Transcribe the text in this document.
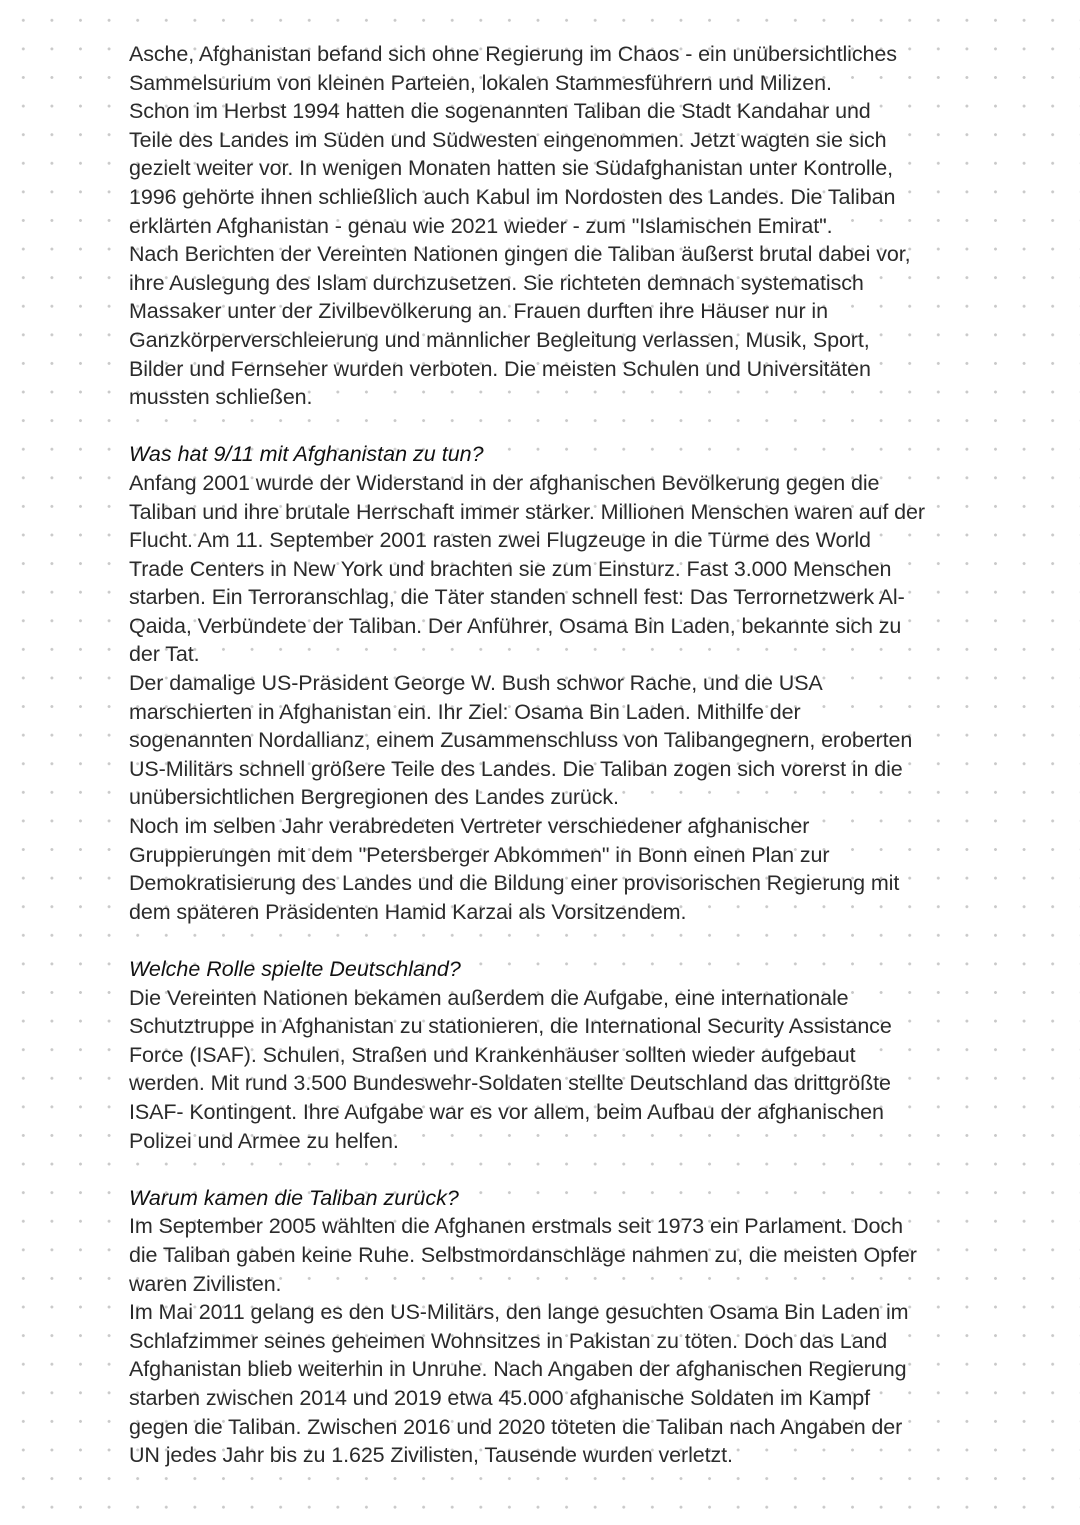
Asche, Afghanistan befand sich ohne Regierung im Chaos - ein unübersichtliches
Sammelsurium von kleinen Parteien, lokalen Stammesführern und Milizen.
Schon im Herbst 1994 hatten die sogenannten Taliban die Stadt Kandahar und
Teile des Landes im Süden und Südwesten eingenommen. Jetzt wagten sie sich
gezielt weiter vor. In wenigen Monaten hatten sie Südafghanistan unter Kontrolle,
1996 gehörte ihnen schließlich auch Kabul im Nordosten des Landes. Die Taliban
erklärten Afghanistan - genau wie 2021 wieder - zum "Islamischen Emirat".
Nach Berichten der Vereinten Nationen gingen die Taliban äußerst brutal dabei vor,
ihre Auslegung des Islam durchzusetzen. Sie richteten demnach systematisch
Massaker unter der Zivilbevölkerung an. Frauen durften ihre Häuser nur in
Ganzkörperverschleierung und männlicher Begleitung verlassen, Musik, Sport,
Bilder und Fernseher wurden verboten. Die meisten Schulen und Universitäten
mussten schließen.
Was hat 9/11 mit Afghanistan zu tun?
Anfang 2001 wurde der Widerstand in der afghanischen Bevölkerung gegen die
Taliban und ihre brutale Herrschaft immer stärker. Millionen Menschen waren auf der
Flucht. Am 11. September 2001 rasten zwei Flugzeuge in die Türme des World
Trade Centers in New York und brachten sie zum Einsturz. Fast 3.000 Menschen
starben. Ein Terroranschlag, die Täter standen schnell fest: Das Terrornetzwerk Al-
Qaida, Verbündete der Taliban. Der Anführer, Osama Bin Laden, bekannte sich zu
der Tat.
Der damalige US-Präsident George W. Bush schwor Rache, und die USA
marschierten in Afghanistan ein. Ihr Ziel: Osama Bin Laden. Mithilfe der
sogenannten Nordallianz, einem Zusammenschluss von Talibangegnern, eroberten
US-Militärs schnell größere Teile des Landes. Die Taliban zogen sich vorerst in die
unübersichtlichen Bergregionen des Landes zurück.
Noch im selben Jahr verabredeten Vertreter verschiedener afghanischer
Gruppierungen mit dem "Petersberger Abkommen" in Bonn einen Plan zur
Demokratisierung des Landes und die Bildung einer provisorischen Regierung mit
dem späteren Präsidenten Hamid Karzai als Vorsitzendem.
Welche Rolle spielte Deutschland?
Die Vereinten Nationen bekamen außerdem die Aufgabe, eine internationale
Schutztruppe in Afghanistan zu stationieren, die International Security Assistance
Force (ISAF). Schulen, Straßen und Krankenhäuser sollten wieder aufgebaut
werden. Mit rund 3.500 Bundeswehr-Soldaten stellte Deutschland das drittgrößte
ISAF- Kontingent. Ihre Aufgabe war es vor allem, beim Aufbau der afghanischen
Polizei und Armee zu helfen.
Warum kamen die Taliban zurück?
Im September 2005 wählten die Afghanen erstmals seit 1973 ein Parlament. Doch
die Taliban gaben keine Ruhe. Selbstmordanschläge nahmen zu, die meisten Opfer
waren Zivilisten.
Im Mai 2011 gelang es den US-Militärs, den lange gesuchten Osama Bin Laden im
Schlafzimmer seines geheimen Wohnsitzes in Pakistan zu töten. Doch das Land
Afghanistan blieb weiterhin in Unruhe. Nach Angaben der afghanischen Regierung
starben zwischen 2014 und 2019 etwa 45.000 afghanische Soldaten im Kampf
gegen die Taliban. Zwischen 2016 und 2020 töteten die Taliban nach Angaben der
UN jedes Jahr bis zu 1.625 Zivilisten, Tausende wurden verletzt.
